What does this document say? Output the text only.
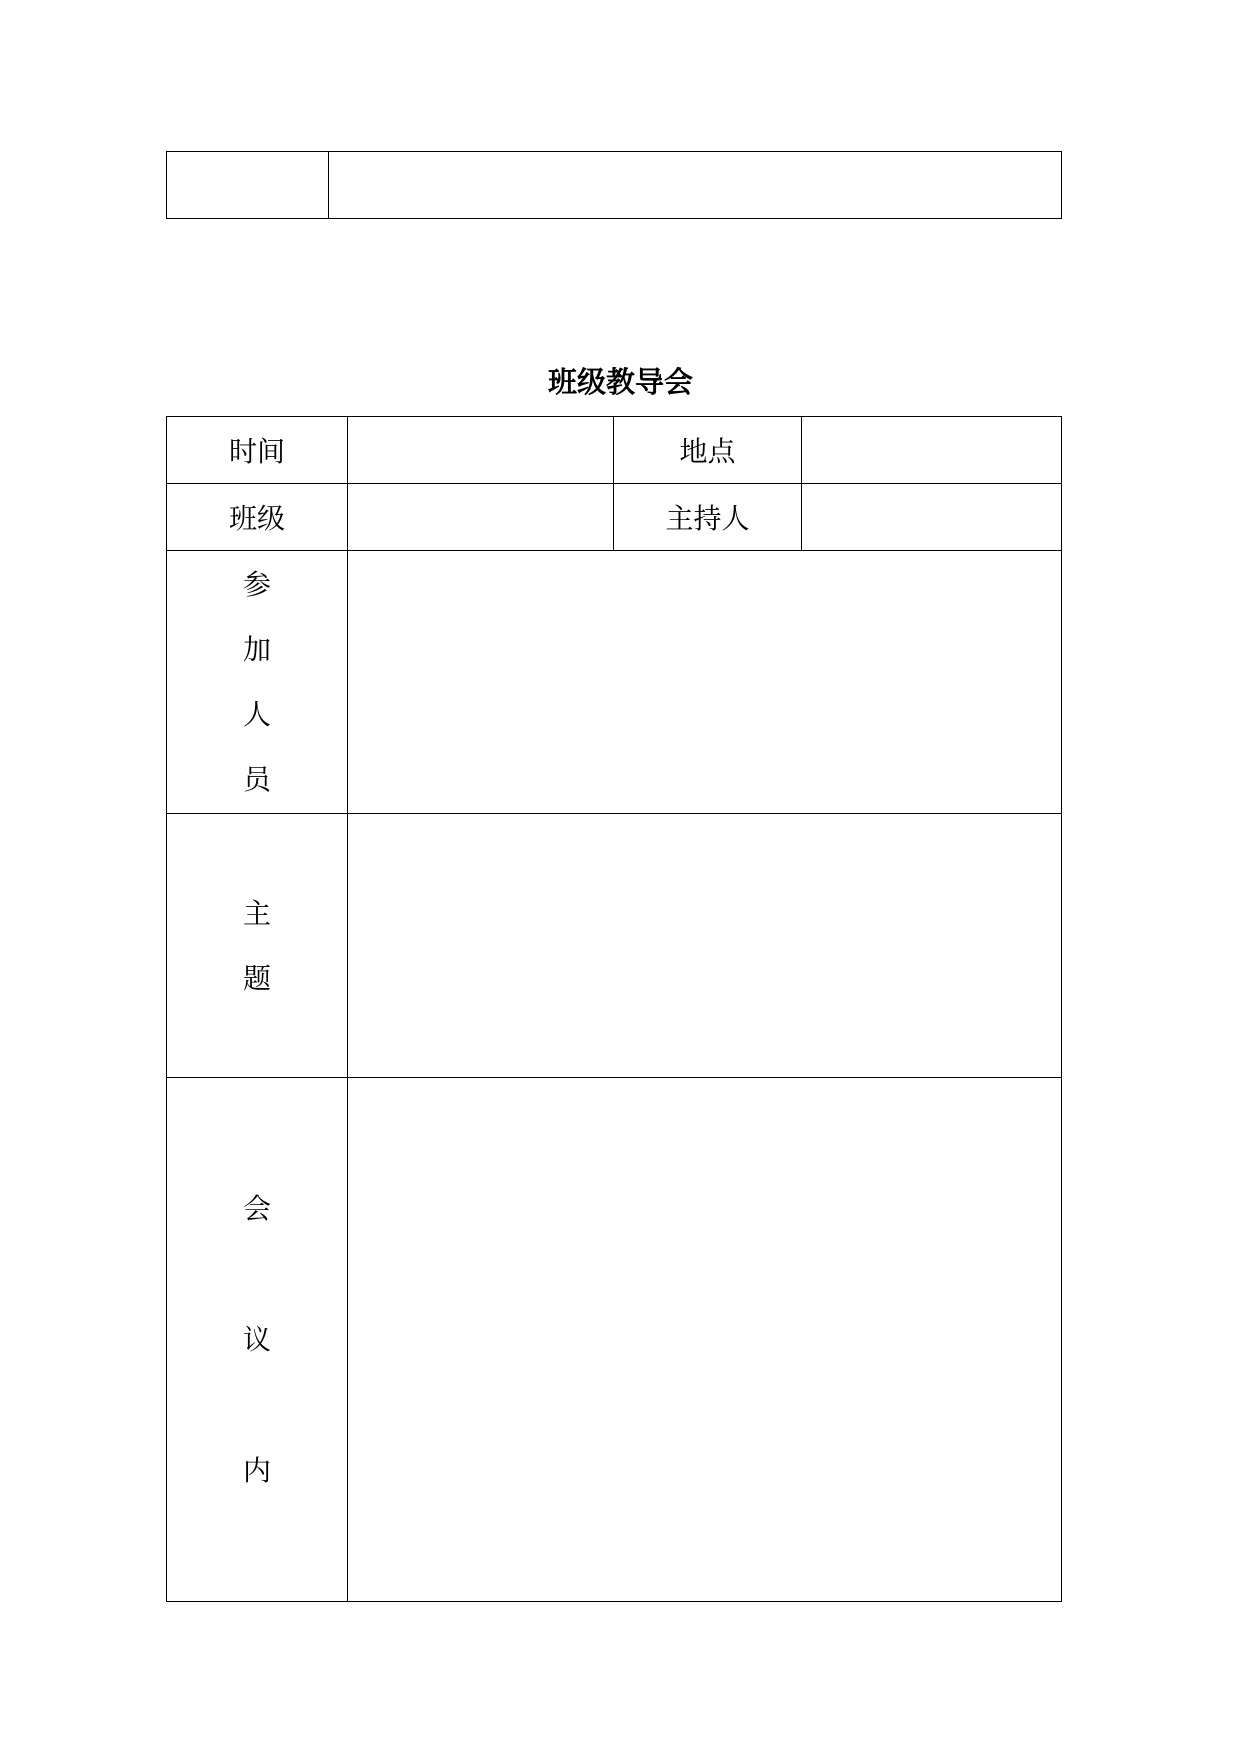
班级教导会
时间		地点	
班级		主持人	

参
加
人
员			

主
题			

会
议
内			
